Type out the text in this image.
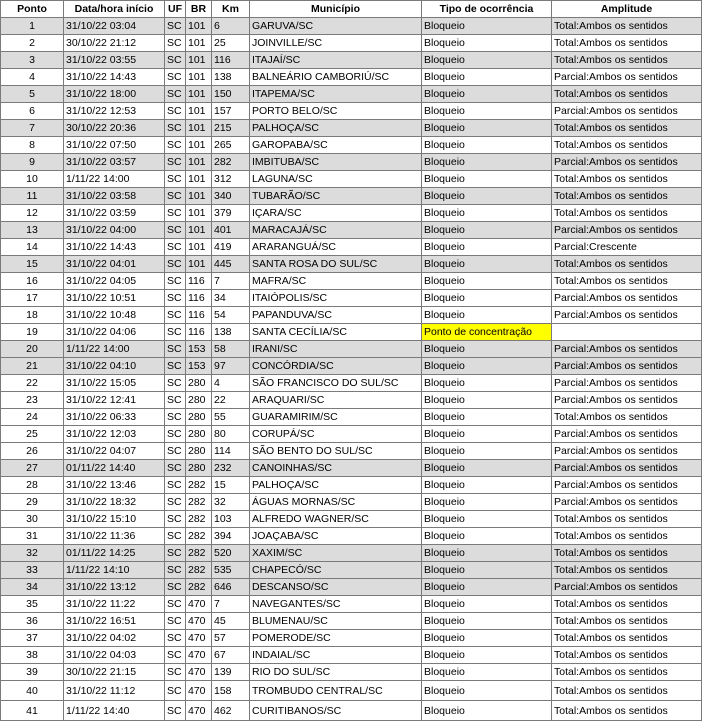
Ponto	Data/hora início	UF	BR	Km	Município	Tipo de ocorrência	Amplitude
1	31/10/22 03:04	SC	101	6	GARUVA/SC	Bloqueio	Total:Ambos os sentidos
2	30/10/22 21:12	SC	101	25	JOINVILLE/SC	Bloqueio	Total:Ambos os sentidos
3	31/10/22 03:55	SC	101	116	ITAJAÍ/SC	Bloqueio	Total:Ambos os sentidos
4	31/10/22 14:43	SC	101	138	BALNEÁRIO CAMBORIÚ/SC	Bloqueio	Parcial:Ambos os sentidos
5	31/10/22 18:00	SC	101	150	ITAPEMA/SC	Bloqueio	Total:Ambos os sentidos
6	31/10/22 12:53	SC	101	157	PORTO BELO/SC	Bloqueio	Parcial:Ambos os sentidos
7	30/10/22 20:36	SC	101	215	PALHOÇA/SC	Bloqueio	Total:Ambos os sentidos
8	31/10/22 07:50	SC	101	265	GAROPABA/SC	Bloqueio	Total:Ambos os sentidos
9	31/10/22 03:57	SC	101	282	IMBITUBA/SC	Bloqueio	Parcial:Ambos os sentidos
10	1/11/22 14:00	SC	101	312	LAGUNA/SC	Bloqueio	Total:Ambos os sentidos
11	31/10/22 03:58	SC	101	340	TUBARÃO/SC	Bloqueio	Total:Ambos os sentidos
12	31/10/22 03:59	SC	101	379	IÇARA/SC	Bloqueio	Total:Ambos os sentidos
13	31/10/22 04:00	SC	101	401	MARACAJÁ/SC	Bloqueio	Parcial:Ambos os sentidos
14	31/10/22 14:43	SC	101	419	ARARANGUÁ/SC	Bloqueio	Parcial:Crescente
15	31/10/22 04:01	SC	101	445	SANTA ROSA DO SUL/SC	Bloqueio	Total:Ambos os sentidos
16	31/10/22 04:05	SC	116	7	MAFRA/SC	Bloqueio	Total:Ambos os sentidos
17	31/10/22 10:51	SC	116	34	ITAIÓPOLIS/SC	Bloqueio	Parcial:Ambos os sentidos
18	31/10/22 10:48	SC	116	54	PAPANDUVA/SC	Bloqueio	Parcial:Ambos os sentidos
19	31/10/22 04:06	SC	116	138	SANTA CECÍLIA/SC	Ponto de concentração	
20	1/11/22 14:00	SC	153	58	IRANI/SC	Bloqueio	Parcial:Ambos os sentidos
21	31/10/22 04:10	SC	153	97	CONCÓRDIA/SC	Bloqueio	Parcial:Ambos os sentidos
22	31/10/22 15:05	SC	280	4	SÃO FRANCISCO DO SUL/SC	Bloqueio	Parcial:Ambos os sentidos
23	31/10/22 12:41	SC	280	22	ARAQUARI/SC	Bloqueio	Parcial:Ambos os sentidos
24	31/10/22 06:33	SC	280	55	GUARAMIRIM/SC	Bloqueio	Total:Ambos os sentidos
25	31/10/22 12:03	SC	280	80	CORUPÁ/SC	Bloqueio	Parcial:Ambos os sentidos
26	31/10/22 04:07	SC	280	114	SÃO BENTO DO SUL/SC	Bloqueio	Parcial:Ambos os sentidos
27	01/11/22 14:40	SC	280	232	CANOINHAS/SC	Bloqueio	Parcial:Ambos os sentidos
28	31/10/22 13:46	SC	282	15	PALHOÇA/SC	Bloqueio	Parcial:Ambos os sentidos
29	31/10/22 18:32	SC	282	32	ÁGUAS MORNAS/SC	Bloqueio	Parcial:Ambos os sentidos
30	31/10/22 15:10	SC	282	103	ALFREDO WAGNER/SC	Bloqueio	Total:Ambos os sentidos
31	31/10/22 11:36	SC	282	394	JOAÇABA/SC	Bloqueio	Total:Ambos os sentidos
32	01/11/22 14:25	SC	282	520	XAXIM/SC	Bloqueio	Total:Ambos os sentidos
33	1/11/22 14:10	SC	282	535	CHAPECÓ/SC	Bloqueio	Total:Ambos os sentidos
34	31/10/22 13:12	SC	282	646	DESCANSO/SC	Bloqueio	Parcial:Ambos os sentidos
35	31/10/22 11:22	SC	470	7	NAVEGANTES/SC	Bloqueio	Total:Ambos os sentidos
36	31/10/22 16:51	SC	470	45	BLUMENAU/SC	Bloqueio	Total:Ambos os sentidos
37	31/10/22 04:02	SC	470	57	POMERODE/SC	Bloqueio	Total:Ambos os sentidos
38	31/10/22 04:03	SC	470	67	INDAIAL/SC	Bloqueio	Total:Ambos os sentidos
39	30/10/22 21:15	SC	470	139	RIO DO SUL/SC	Bloqueio	Total:Ambos os sentidos
40	31/10/22 11:12	SC	470	158	TROMBUDO CENTRAL/SC	Bloqueio	Total:Ambos os sentidos
41	1/11/22 14:40	SC	470	462	CURITIBANOS/SC	Bloqueio	Total:Ambos os sentidos
